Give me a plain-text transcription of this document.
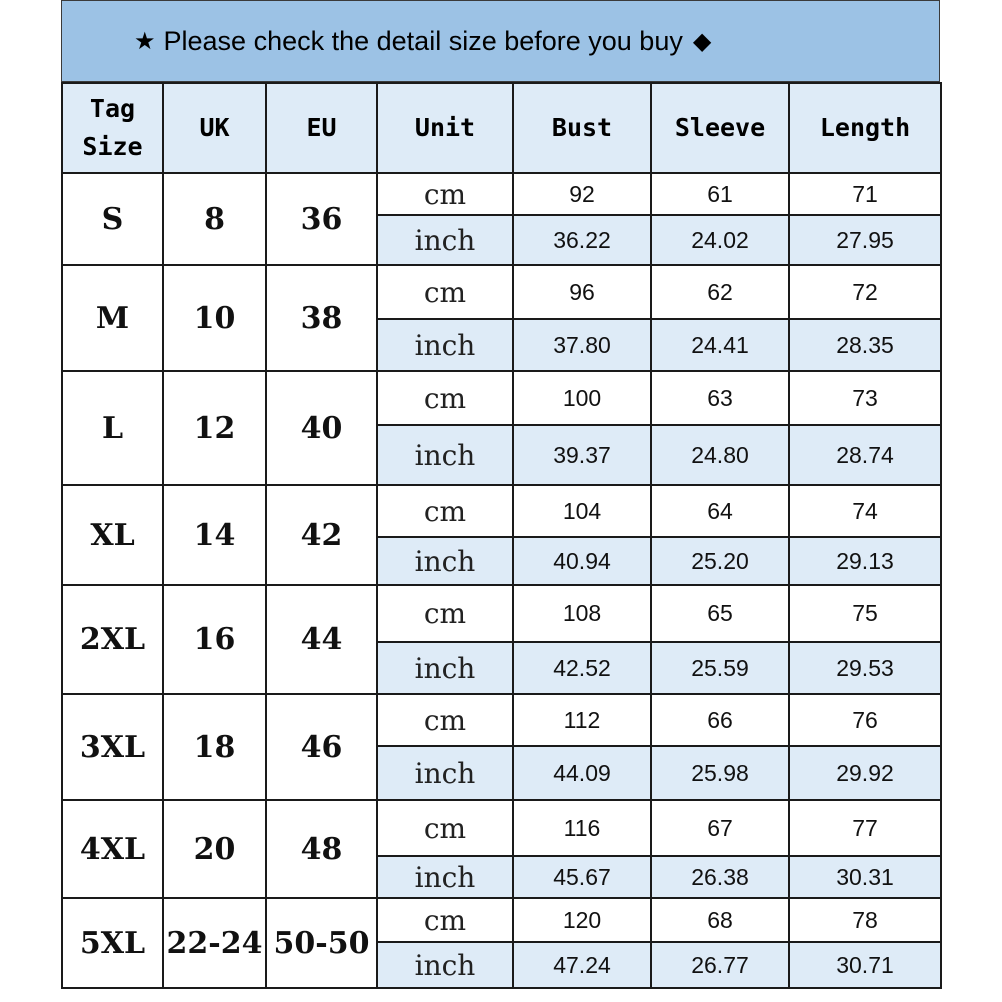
★ Please check the detail size before you buy ◆
Tag Size	UK	EU	Unit	Bust	Sleeve	Length
S	8	36	cm	92	61	71
			inch	36.22	24.02	27.95
M	10	38	cm	96	62	72
			inch	37.80	24.41	28.35
L	12	40	cm	100	63	73
			inch	39.37	24.80	28.74
XL	14	42	cm	104	64	74
			inch	40.94	25.20	29.13
2XL	16	44	cm	108	65	75
			inch	42.52	25.59	29.53
3XL	18	46	cm	112	66	76
			inch	44.09	25.98	29.92
4XL	20	48	cm	116	67	77
			inch	45.67	26.38	30.31
5XL	22-24	50-50	cm	120	68	78
			inch	47.24	26.77	30.71
